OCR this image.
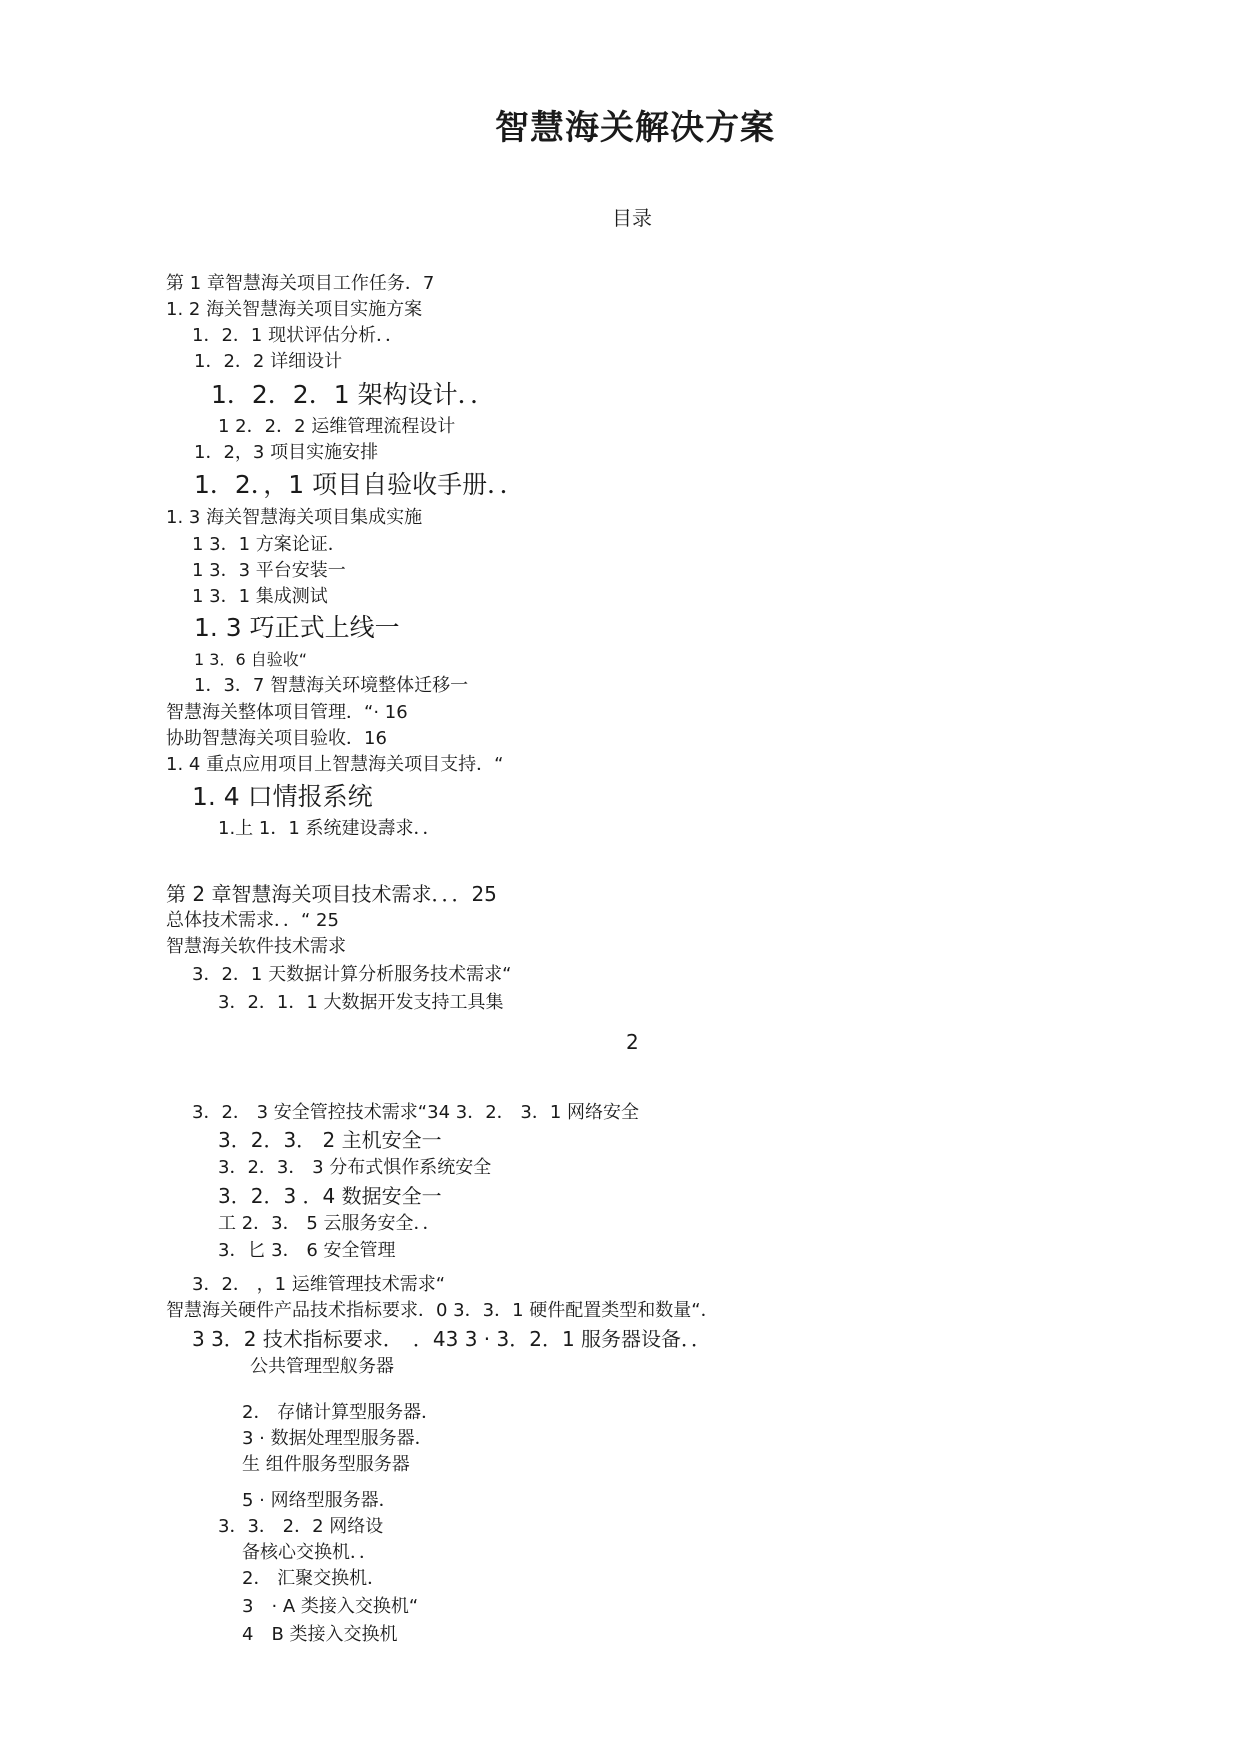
智慧海关解决方案
目录
第 1 章智慧海关项目工作任务．7
1. 2 海关智慧海关项目实施方案
1．2．1 现状评估分析．．
1．2．2 详细设计
1．2．2．1 架构设计．．
1 2．2．2 运维管理流程设计
1．2，3 项目实施安排
1．2．，1 项目自验收手册．．
1. 3 海关智慧海关项目集成实施
1 3．1 方案论证．
1 3．3 平台安装一
1 3．1 集成测试
1. 3 巧正式上线一
1 3．6 自验收“
1．3．7 智慧海关环境整体迁移一
智慧海关整体项目管理．“· 16
协助智慧海关项目验收．16
1. 4 重点应用项目上智慧海关项目支持．“
1. 4 口情报系统
1.上 1．1 系统建设壽求．．
第 2 章智慧海关项目技术需求．．．25
总体技术需求．．“ 25
智慧海关软件技术需求
3．2．1 天数据计算分析服务技术需求“
3．2．1．1 大数据开发支持工具集
3．2． 3 安全管控技术需求“34 3．2． 3．1 网络安全
3．2．3． 2 主机安全一
3．2．3． 3 分布式惧作系统安全
3．2．3 ．4 数据安全一
工 2．3． 5 云服务安全．．
3．匕 3． 6 安全管理
3．2． ，1 运维管理技术需求“
智慧海关硬件产品技术指标要求．0 3．3．1 硬件配置类型和数量“．
3 3．2 技术指标要求．　．43 3 · 3．2．1 服务器设备．．
公共管理型舣务器
2． 存储计算型服务器．
3 · 数据处理型服务器．
生 组件服务型服务器
5 · 网络型服务器．
3．3． 2．2 网络设
备核心交换机．．
2． 汇聚交换机．
3　· A 类接入交换机“
4　B 类接入交换机
2
